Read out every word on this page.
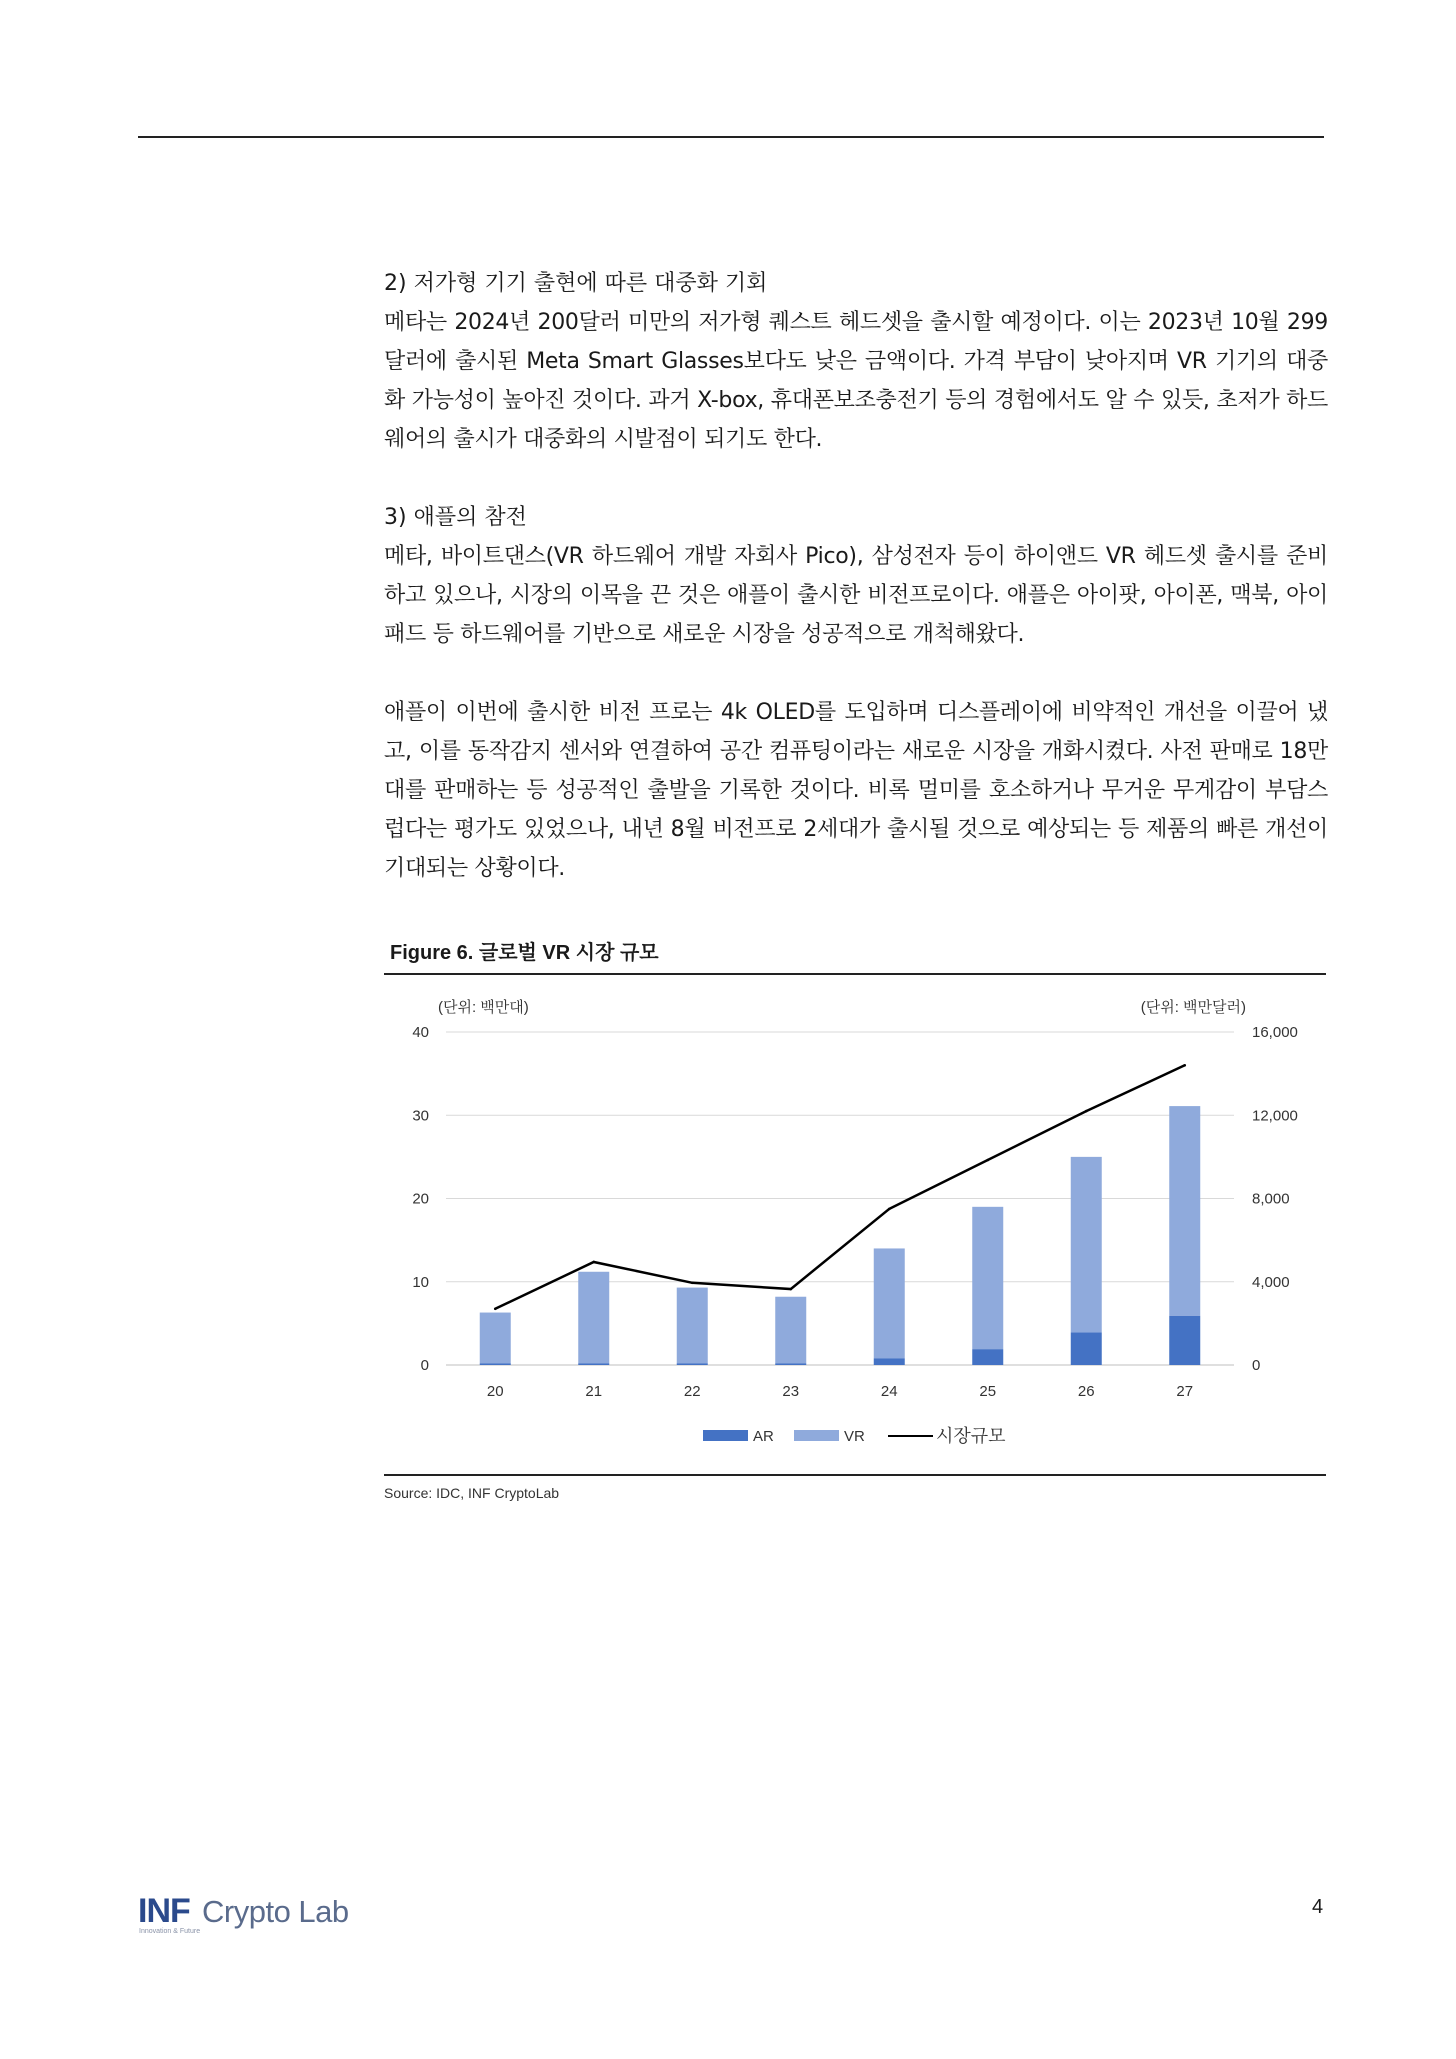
2) 저가형 기기 출현에 따른 대중화 기회

메타는 2024년 200달러 미만의 저가형 퀘스트 헤드셋을 출시할 예정이다. 이는 2023년 10월 299달러에 출시된 Meta Smart Glasses보다도 낮은 금액이다. 가격 부담이 낮아지며 VR 기기의 대중화 가능성이 높아진 것이다. 과거 X-box, 휴대폰보조충전기 등의 경험에서도 알 수 있듯, 초저가 하드웨어의 출시가 대중화의 시발점이 되기도 한다.

3) 애플의 참전

메타, 바이트댄스(VR 하드웨어 개발 자회사 Pico), 삼성전자 등이 하이앤드 VR 헤드셋 출시를 준비하고 있으나, 시장의 이목을 끈 것은 애플이 출시한 비전프로이다. 애플은 아이팟, 아이폰, 맥북, 아이패드 등 하드웨어를 기반으로 새로운 시장을 성공적으로 개척해왔다.

애플이 이번에 출시한 비전 프로는 4k OLED를 도입하며 디스플레이에 비약적인 개선을 이끌어 냈고, 이를 동작감지 센서와 연결하여 공간 컴퓨팅이라는 새로운 시장을 개화시켰다. 사전 판매로 18만대를 판매하는 등 성공적인 출발을 기록한 것이다. 비록 멀미를 호소하거나 무거운 무게감이 부담스럽다는 평가도 있었으나, 내년 8월 비전프로 2세대가 출시될 것으로 예상되는 등 제품의 빠른 개선이 기대되는 상황이다.

Figure 6. 글로벌 VR 시장 규모
0	0
10	4,000
20	8,000
30	12,000
40	16,000
(단위: 백만대)	(단위: 백만달러)
20	21	22	23	24	25	26	27
AR	VR	시장규모
Source: IDC, INF CryptoLab
INF Crypto Lab
Innovation & Future
4
